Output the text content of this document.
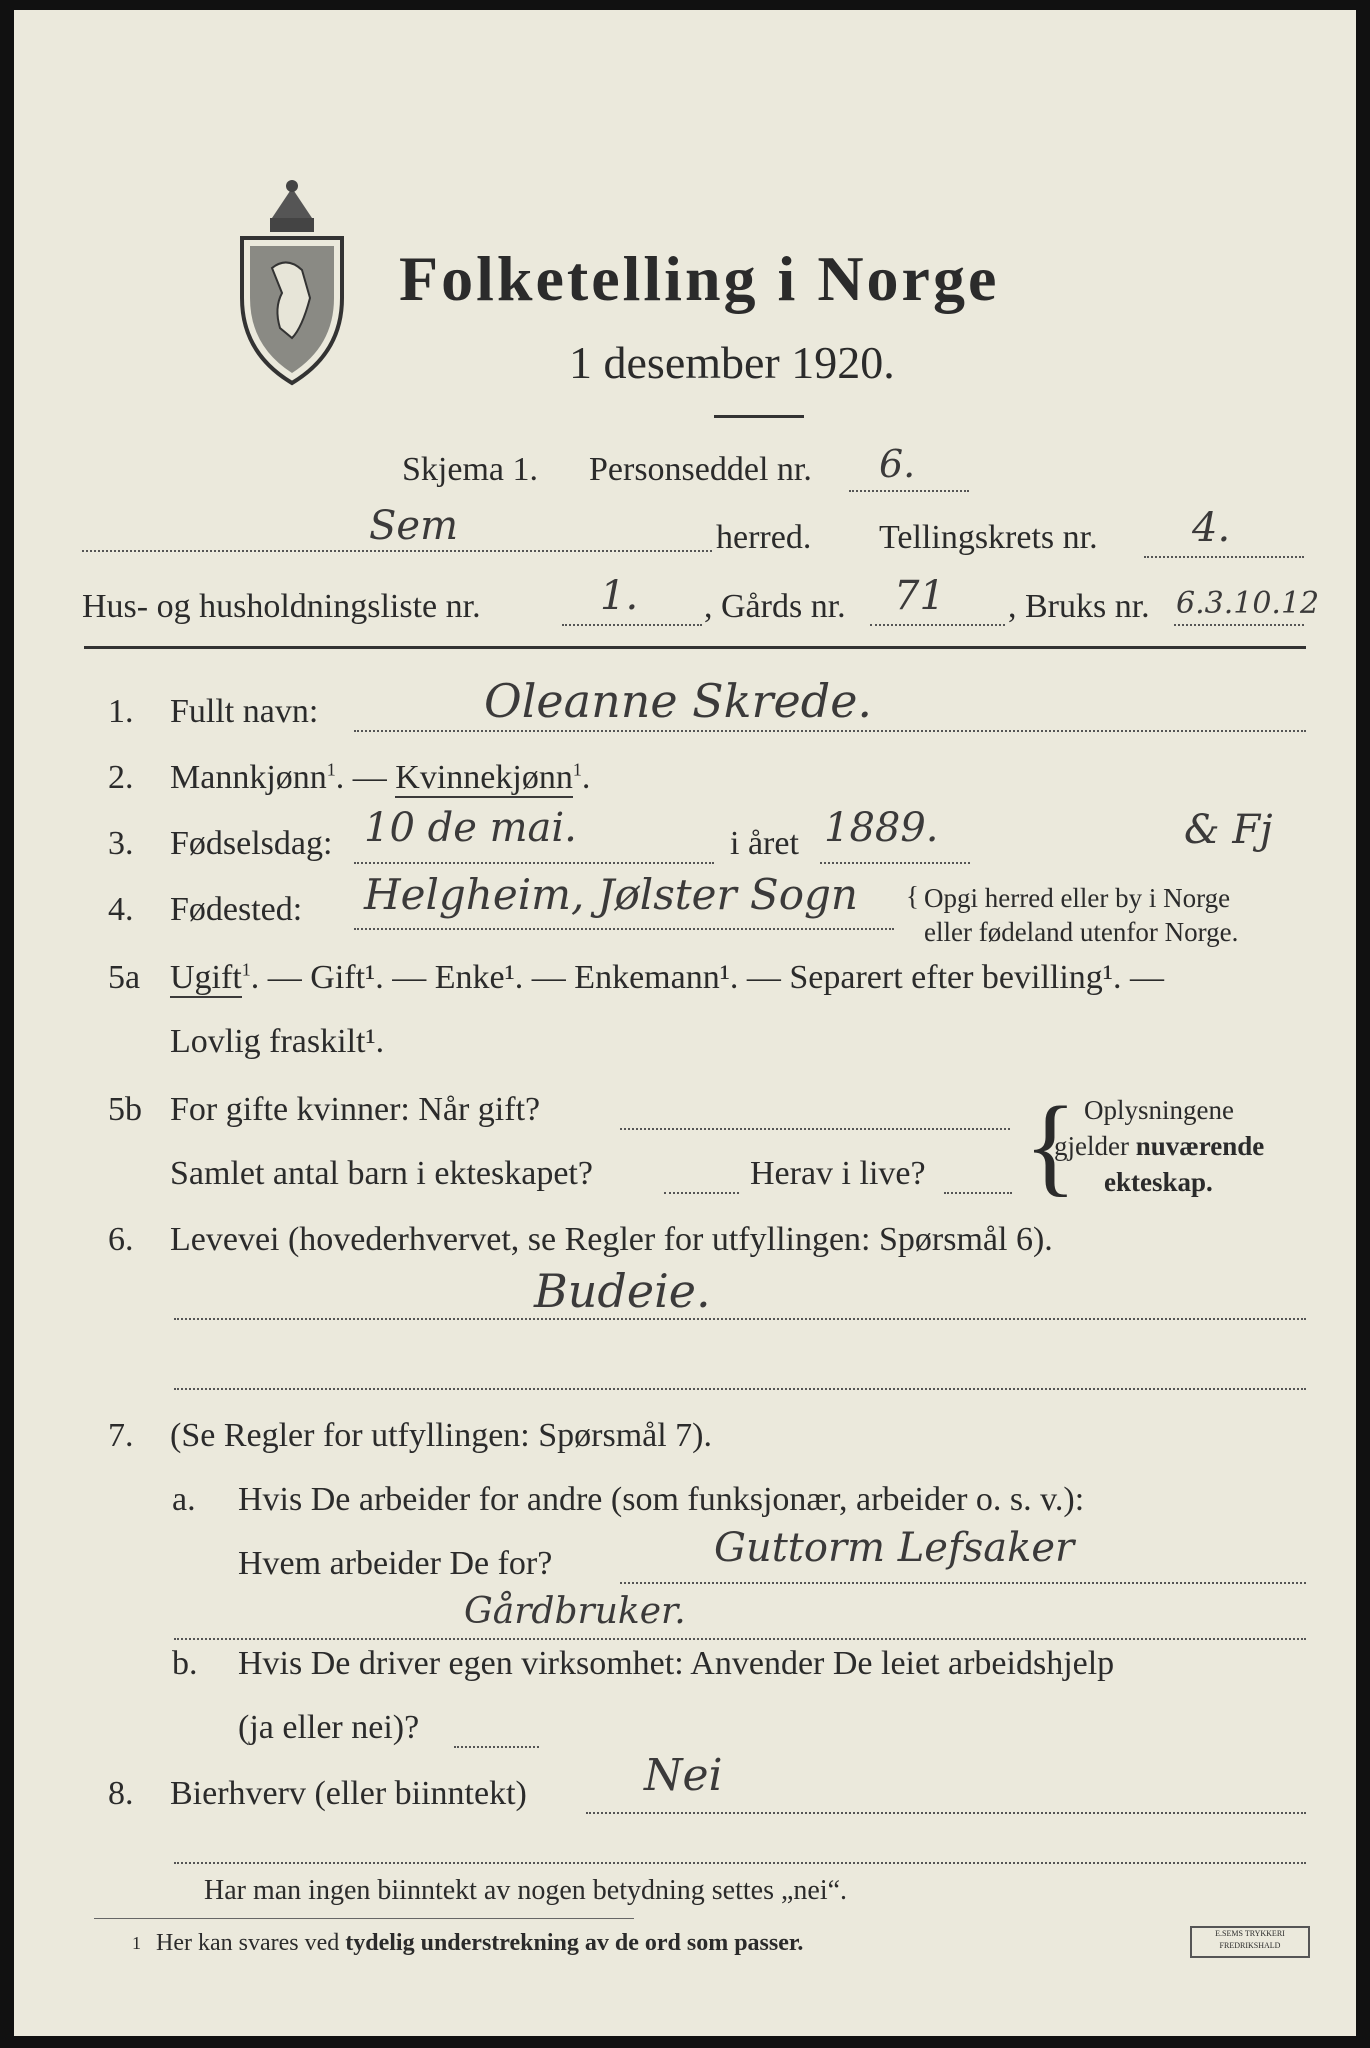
Folketelling i Norge
1 desember 1920.
Skjema 1. Personseddel nr. 6.
Sem	herred. Tellingskrets nr. 4.
Hus- og husholdningsliste nr.	1. , Gårds nr. 71 , Bruks nr. 6.3.10.12
1. Fullt navn:	Oleanne Skrede.
2. Mannkjønn$^1$. — Kvinnekjønn$^1$.
3. Fødselsdag: 10 de mai.	i året 1889.	& Fj
4. Fødested: Helgheim, Jølster Sogn { Opgi herred eller by i Norge
eller fødeland utenfor Norge.
5a Ugift$^1$. — Gift¹. — Enke¹. — Enkemann¹. — Separert efter bevilling¹. —
Lovlig fraskilt¹.
5b For gifte kvinner: Når gift?
Samlet antal barn i ekteskapet?	Herav i live? { Oplysningene
gjelder nuværende
ekteskap.
6. Levevei (hovederhvervet, se Regler for utfyllingen: Spørsmål 6).
Budeie.
7. (Se Regler for utfyllingen: Spørsmål 7).
a. Hvis De arbeider for andre (som funksjonær, arbeider o. s. v.):
Hvem arbeider De for?	Guttorm Lefsaker
Gårdbruker.
b. Hvis De driver egen virksomhet: Anvender De leiet arbeidshjelp
(ja eller nei)?
8. Bierhverv (eller biinntekt)	Nei
Har man ingen biinntekt av nogen betydning settes „nei“.
1 Her kan svares ved tydelig understrekning av de ord som passer.	E.SEMS TRYKKERI
FREDRIKSHALD
